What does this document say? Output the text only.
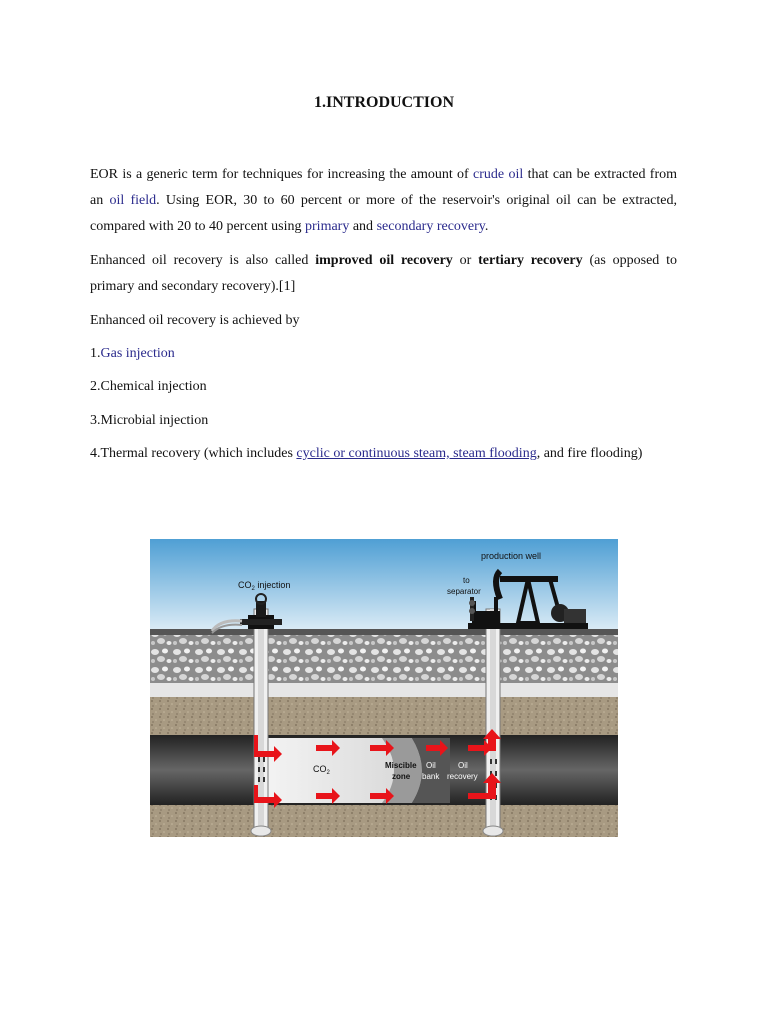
1.INTRODUCTION

EOR is a generic term for techniques for increasing the amount of crude oil that can be extracted from an oil field. Using EOR, 30 to 60 percent or more of the reservoir's original oil can be extracted, compared with 20 to 40 percent using primary and secondary recovery.

Enhanced oil recovery is also called improved oil recovery or tertiary recovery (as opposed to primary and secondary recovery).[1]

Enhanced oil recovery is achieved by

1.Gas injection

2.Chemical injection

3.Microbial injection

4.Thermal recovery (which includes cyclic or continuous steam, steam flooding, and fire flooding)

production well
$CO_2$ injection	to
separator
$CO_2$
Miscible
zone
Oil
bank
Oil
recovery
